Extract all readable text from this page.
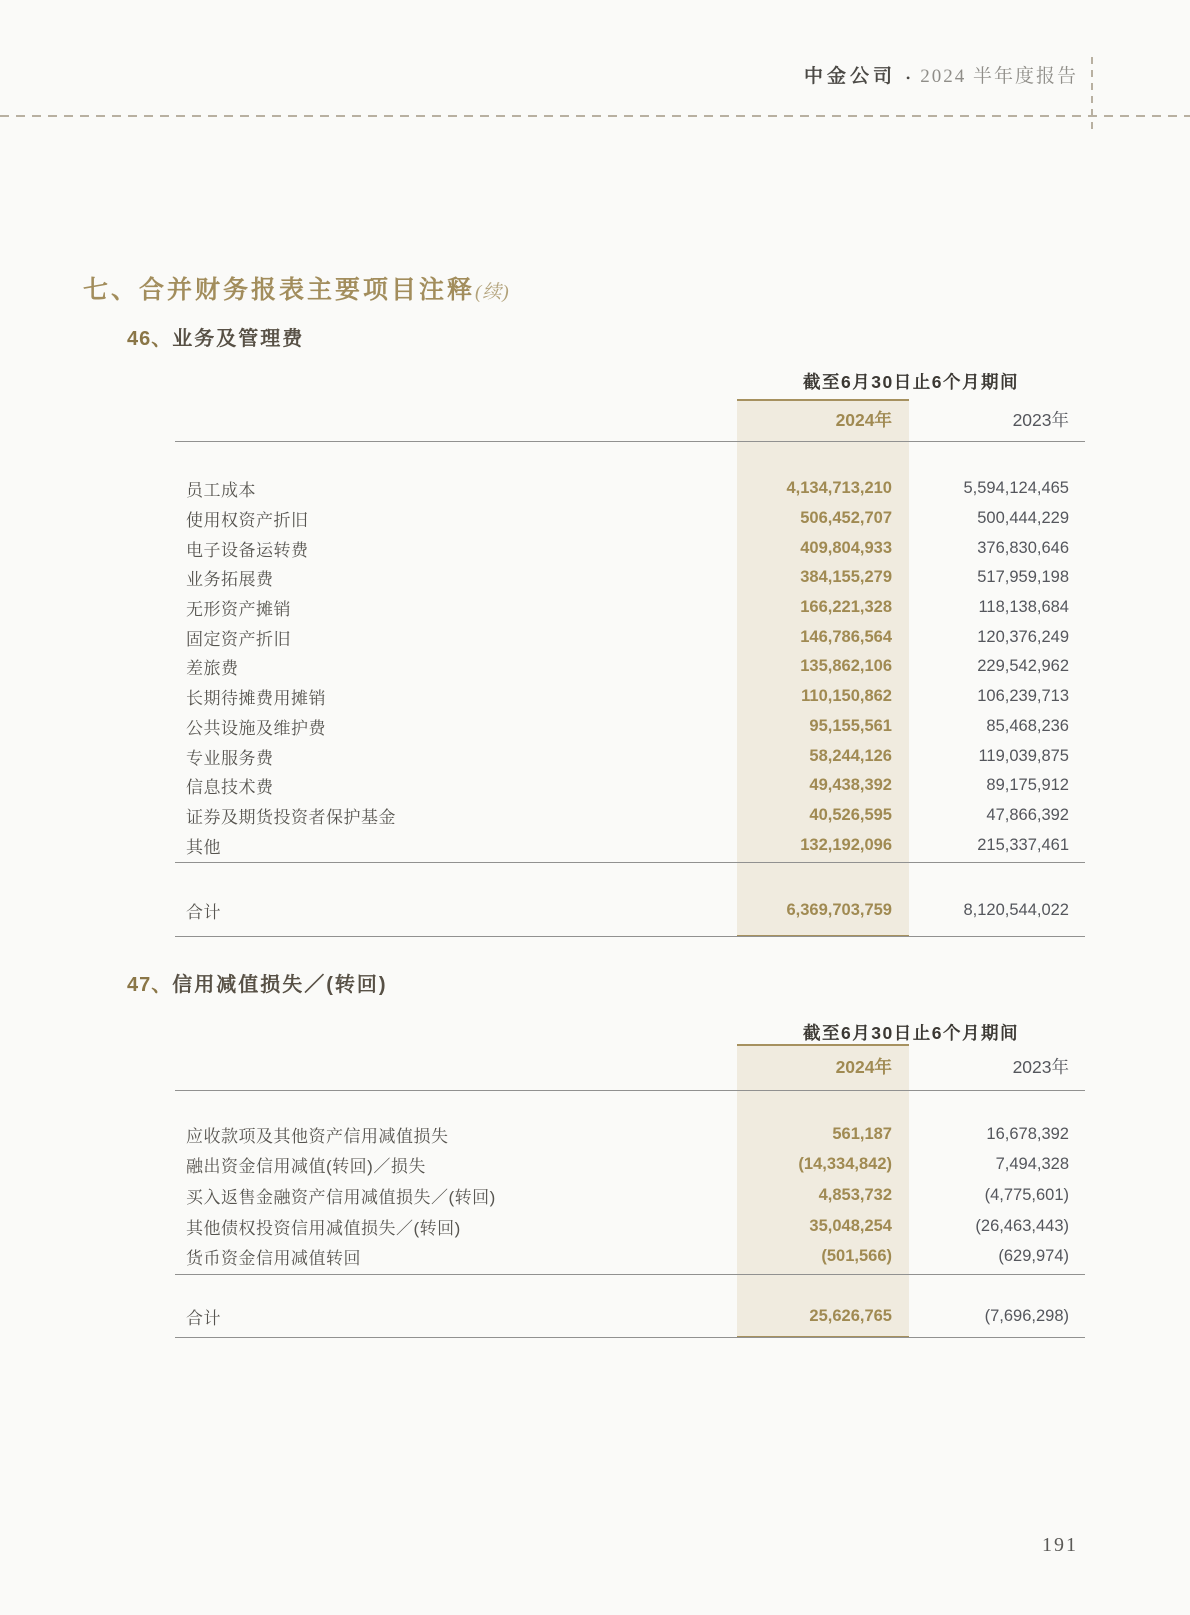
中金公司 • 2024 半年度报告
七、合并财务报表主要项目注释(续)
46、业务及管理费
截至6月30日止6个月期间
2024年	2023年
员工成本	4,134,713,210	5,594,124,465
使用权资产折旧	506,452,707	500,444,229
电子设备运转费	409,804,933	376,830,646
业务拓展费	384,155,279	517,959,198
无形资产摊销	166,221,328	118,138,684
固定资产折旧	146,786,564	120,376,249
差旅费	135,862,106	229,542,962
长期待摊费用摊销	110,150,862	106,239,713
公共设施及维护费	95,155,561	85,468,236
专业服务费	58,244,126	119,039,875
信息技术费	49,438,392	89,175,912
证券及期货投资者保护基金	40,526,595	47,866,392
其他	132,192,096	215,337,461
合计	6,369,703,759	8,120,544,022
47、信用减值损失／(转回)
截至6月30日止6个月期间
2024年	2023年
应收款项及其他资产信用减值损失	561,187	16,678,392
融出资金信用减值(转回)／损失	(14,334,842)	7,494,328
买入返售金融资产信用减值损失／(转回)	4,853,732	(4,775,601)
其他债权投资信用减值损失／(转回)	35,048,254	(26,463,443)
货币资金信用减值转回	(501,566)	(629,974)
合计	25,626,765	(7,696,298)
191
